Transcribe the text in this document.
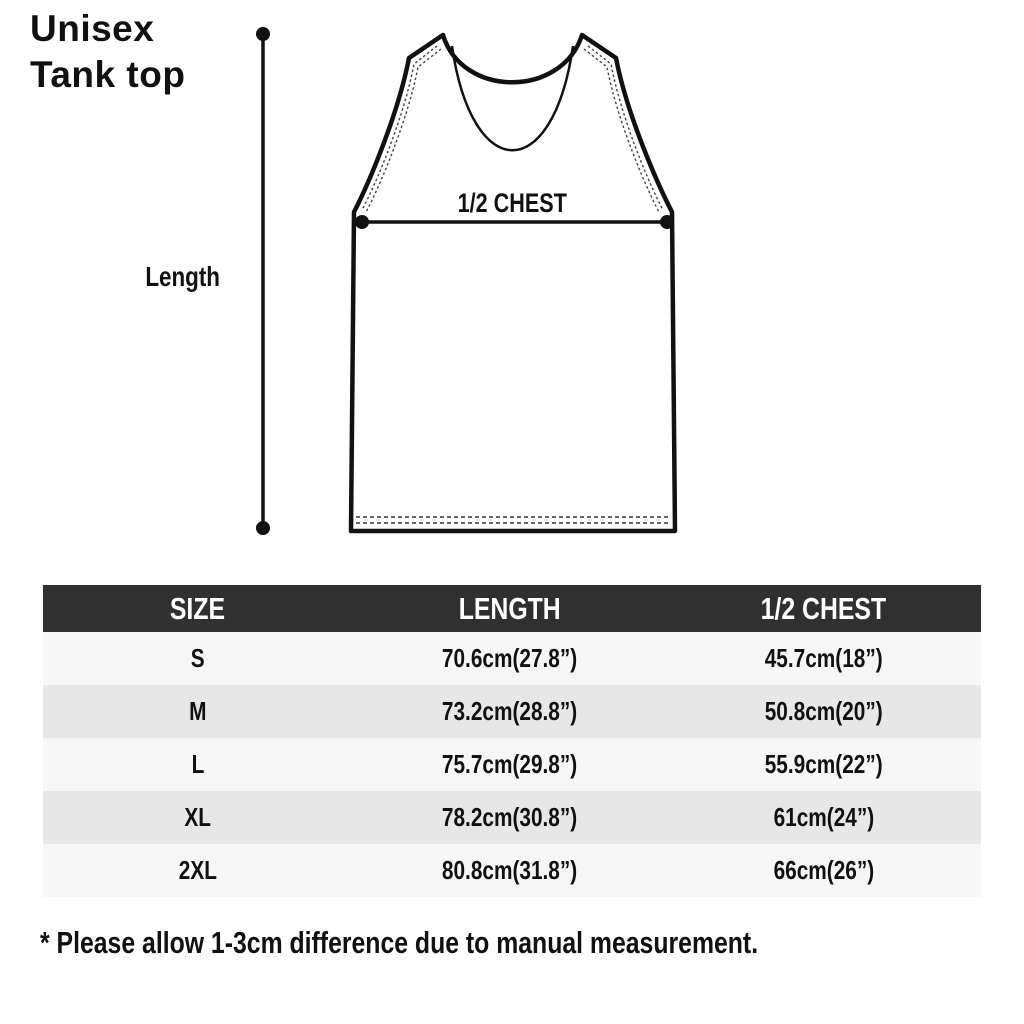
Unisex
Tank top
Length
1/2 CHEST
SIZE	LENGTH	1/2 CHEST
S	70.6cm(27.8”)	45.7cm(18”)
M	73.2cm(28.8”)	50.8cm(20”)
L	75.7cm(29.8”)	55.9cm(22”)
XL	78.2cm(30.8”)	61cm(24”)
2XL	80.8cm(31.8”)	66cm(26”)
* Please allow 1-3cm difference due to manual measurement.
